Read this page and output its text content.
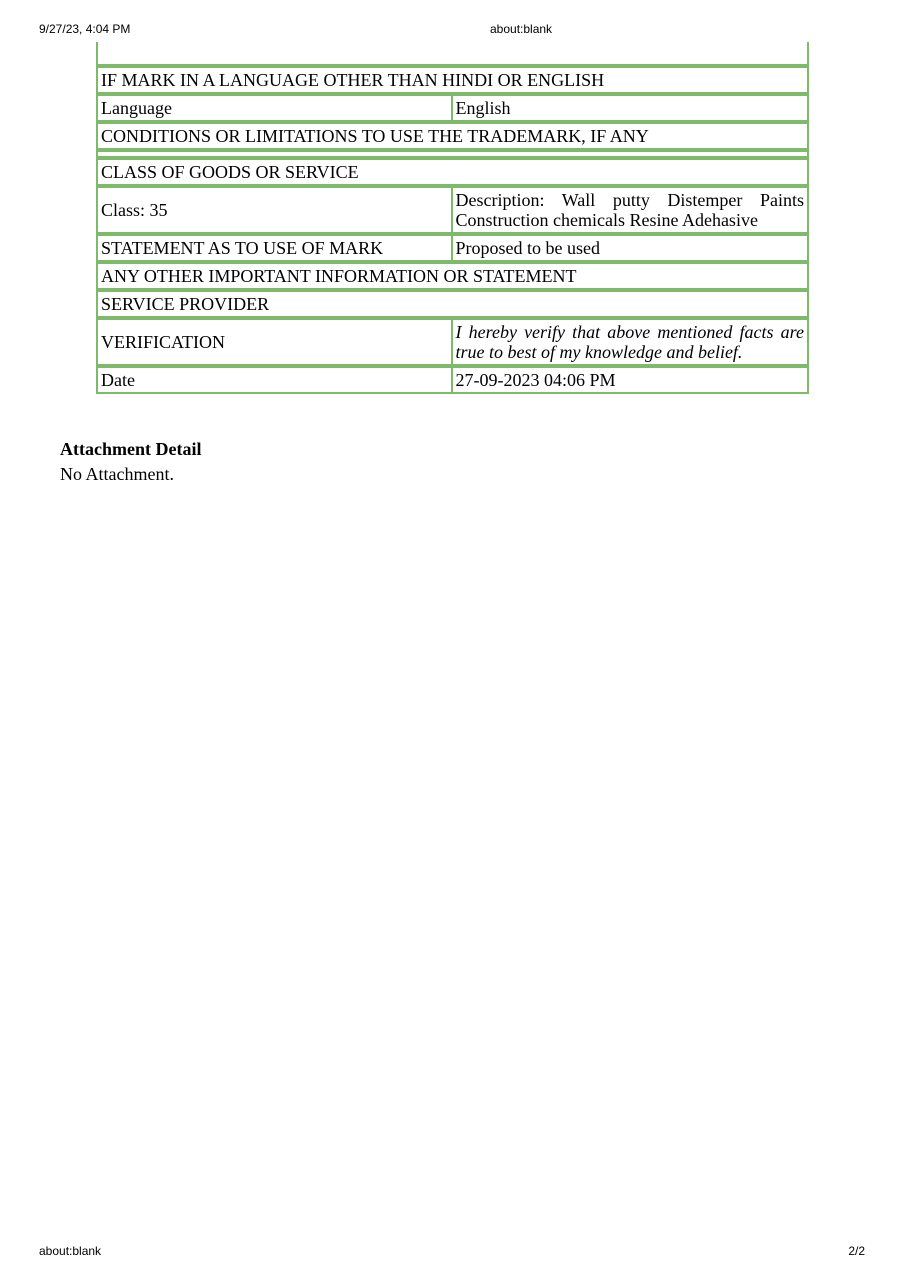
9/27/23, 4:04 PM	about:blank

IF MARK IN A LANGUAGE OTHER THAN HINDI OR ENGLISH	
Language	English
CONDITIONS OR LIMITATIONS TO USE THE TRADEMARK, IF ANY	

CLASS OF GOODS OR SERVICE	
Class: 35	Description: Wall putty Distemper Paints Construction chemicals Resine Adehasive
STATEMENT AS TO USE OF MARK	Proposed to be used
ANY OTHER IMPORTANT INFORMATION OR STATEMENT	
SERVICE PROVIDER	
VERIFICATION	I hereby verify that above mentioned facts are true to best of my knowledge and belief.
Date	27-09-2023 04:06 PM

Attachment Detail

No Attachment.

about:blank	2/2
